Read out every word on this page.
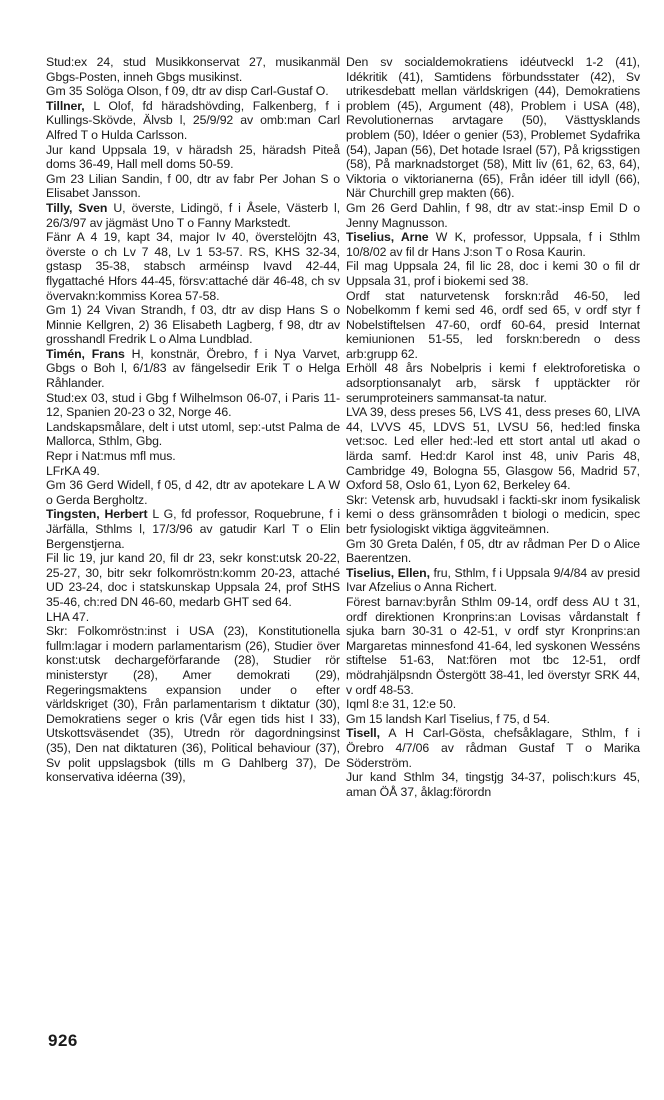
Stud:ex 24, stud Musikkonservat 27, musikanmäl Gbgs-Posten, inneh Gbgs musikinst.

Gm 35 Solöga Olson, f 09, dtr av disp Carl-Gustaf O.

Tillner, L Olof, fd häradshövding, Falkenberg, f i Kullings-Skövde, Älvsb l, 25/9/92 av omb:man Carl Alfred T o Hulda Carlsson.

Jur kand Uppsala 19, v häradsh 25, häradsh Piteå doms 36-49, Hall mell doms 50-59.

Gm 23 Lilian Sandin, f 00, dtr av fabr Per Johan S o Elisabet Jansson.

Tilly, Sven U, överste, Lidingö, f i Åsele, Västerb l, 26/3/97 av jägmäst Uno T o Fanny Markstedt.

Fänr A 4 19, kapt 34, major Iv 40, överstelöjtn 43, överste o ch Lv 7 48, Lv 1 53-57. RS, KHS 32-34, gstasp 35-38, stabsch arméinsp Ivavd 42-44, flygattaché Hfors 44-45, försv:attaché där 46-48, ch sv övervakn:kommiss Korea 57-58.

Gm 1) 24 Vivan Strandh, f 03, dtr av disp Hans S o Minnie Kellgren, 2) 36 Elisabeth Lagberg, f 98, dtr av grosshandl Fredrik L o Alma Lundblad.

Timén, Frans H, konstnär, Örebro, f i Nya Varvet, Gbgs o Boh l, 6/1/83 av fängelsedir Erik T o Helga Råhlander.

Stud:ex 03, stud i Gbg f Wilhelmson 06-07, i Paris 11-12, Spanien 20-23 o 32, Norge 46.

Landskapsmålare, delt i utst utoml, sep:-utst Palma de Mallorca, Sthlm, Gbg.

Repr i Nat:mus mfl mus.

LFrKA 49.

Gm 36 Gerd Widell, f 05, d 42, dtr av apotekare L A W o Gerda Bergholtz.

Tingsten, Herbert L G, fd professor, Roquebrune, f i Järfälla, Sthlms l, 17/3/96 av gatudir Karl T o Elin Bergenstjerna.

Fil lic 19, jur kand 20, fil dr 23, sekr konst:utsk 20-22, 25-27, 30, bitr sekr folkomröstn:komm 20-23, attaché UD 23-24, doc i statskunskap Uppsala 24, prof StHS 35-46, ch:red DN 46-60, medarb GHT sed 64.

LHA 47.

Skr: Folkomröstn:inst i USA (23), Konstitutionella fullm:lagar i modern parlamentarism (26), Studier över konst:utsk dechargeförfarande (28), Studier rör ministerstyr (28), Amer demokrati (29), Regeringsmaktens expansion under o efter världskriget (30), Från parlamentarism t diktatur (30), Demokratiens seger o kris (Vår egen tids hist I 33), Utskottsväsendet (35), Utredn rör dagordningsinst (35), Den nat diktaturen (36), Political behaviour (37), Sv polit uppslagsbok (tills m G Dahlberg 37), De konservativa idéerna (39),

Den sv socialdemokratiens idéutveckl 1-2 (41), Idékritik (41), Samtidens förbundsstater (42), Sv utrikesdebatt mellan världskrigen (44), Demokratiens problem (45), Argument (48), Problem i USA (48), Revolutionernas arvtagare (50), Västtysklands problem (50), Idéer o genier (53), Problemet Sydafrika (54), Japan (56), Det hotade Israel (57), På krigsstigen (58), På marknadstorget (58), Mitt liv (61, 62, 63, 64), Viktoria o viktorianerna (65), Från idéer till idyll (66), När Churchill grep makten (66).

Gm 26 Gerd Dahlin, f 98, dtr av stat:-insp Emil D o Jenny Magnusson.

Tiselius, Arne W K, professor, Uppsala, f i Sthlm 10/8/02 av fil dr Hans J:son T o Rosa Kaurin.

Fil mag Uppsala 24, fil lic 28, doc i kemi 30 o fil dr Uppsala 31, prof i biokemi sed 38.

Ordf stat naturvetensk forskn:råd 46-50, led Nobelkomm f kemi sed 46, ordf sed 65, v ordf styr f Nobelstiftelsen 47-60, ordf 60-64, presid Internat kemiunionen 51-55, led forskn:beredn o dess arb:grupp 62.

Erhöll 48 års Nobelpris i kemi f elektroforetiska o adsorptionsanalyt arb, särsk f upptäckter rör serumproteiners sammansat-ta natur.

LVA 39, dess preses 56, LVS 41, dess preses 60, LIVA 44, LVVS 45, LDVS 51, LVSU 56, hed:led finska vet:soc. Led eller hed:-led ett stort antal utl akad o lärda samf. Hed:dr Karol inst 48, univ Paris 48, Cambridge 49, Bologna 55, Glasgow 56, Madrid 57, Oxford 58, Oslo 61, Lyon 62, Berkeley 64.

Skr: Vetensk arb, huvudsakl i fackti-skr inom fysikalisk kemi o dess gränsområden t biologi o medicin, spec betr fysiologiskt viktiga äggviteämnen.

Gm 30 Greta Dalén, f 05, dtr av rådman Per D o Alice Baerentzen.

Tiselius, Ellen, fru, Sthlm, f i Uppsala 9/4/84 av presid Ivar Afzelius o Anna Richert.

Förest barnav:byrån Sthlm 09-14, ordf dess AU t 31, ordf direktionen Kronprins:an Lovisas vårdanstalt f sjuka barn 30-31 o 42-51, v ordf styr Kronprins:an Margaretas minnesfond 41-64, led syskonen Wesséns stiftelse 51-63, Nat:fören mot tbc 12-51, ordf mödrahjälpsndn Östergött 38-41, led överstyr SRK 44, v ordf 48-53.

Iqml 8:e 31, 12:e 50.

Gm 15 landsh Karl Tiselius, f 75, d 54.

Tisell, A H Carl-Gösta, chefsåklagare, Sthlm, f i Örebro 4/7/06 av rådman Gustaf T o Marika Söderström.

Jur kand Sthlm 34, tingstjg 34-37, polisch:kurs 45, aman ÖÅ 37, åklag:förordn

926
